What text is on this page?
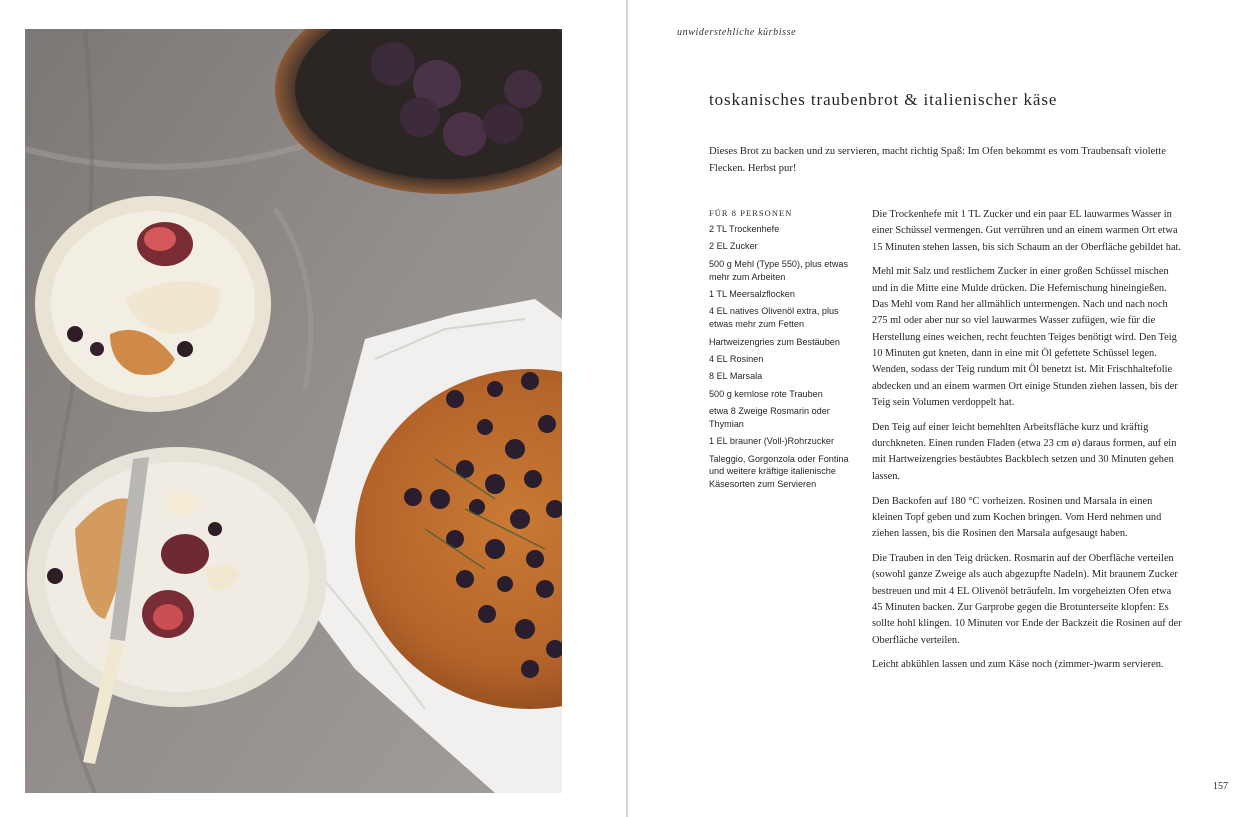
unwiderstehliche kürbisse
toskanisches traubenbrot & italienischer käse

Dieses Brot zu backen und zu servieren, macht richtig Spaß: Im Ofen bekommt es vom Traubensaft violette Flecken. Herbst pur!

FÜR 8 PERSONEN
2 TL Trockenhefe
2 EL Zucker
500 g Mehl (Type 550), plus etwas mehr zum Arbeiten
1 TL Meersalzflocken
4 EL natives Olivenöl extra, plus etwas mehr zum Fetten
Hartweizengries zum Bestäuben
4 EL Rosinen
8 EL Marsala
500 g kernlose rote Trauben
etwa 8 Zweige Rosmarin oder Thymian
1 EL brauner (Voll-)Rohrzucker
Taleggio, Gorgonzola oder Fontina und weitere kräftige italienische Käsesorten zum Servieren

Die Trockenhefe mit 1 TL Zucker und ein paar EL lauwarmes Wasser in einer Schüssel vermengen. Gut verrühren und an einem warmen Ort etwa 15 Minuten stehen lassen, bis sich Schaum an der Oberfläche gebildet hat.

Mehl mit Salz und restlichem Zucker in einer großen Schüssel mischen und in die Mitte eine Mulde drücken. Die Hefemischung hineingießen. Das Mehl vom Rand her allmählich untermengen. Nach und nach noch 275 ml oder aber nur so viel lauwarmes Wasser zufügen, wie für die Herstellung eines weichen, recht feuchten Teiges benötigt wird. Den Teig 10 Minuten gut kneten, dann in eine mit Öl gefettete Schüssel legen. Wenden, sodass der Teig rundum mit Öl benetzt ist. Mit Frischhaltefolie abdecken und an einem warmen Ort einige Stunden ziehen lassen, bis der Teig sein Volumen verdoppelt hat.

Den Teig auf einer leicht bemehlten Arbeitsfläche kurz und kräftig durchkneten. Einen runden Fladen (etwa 23 cm ø) daraus formen, auf ein mit Hartweizengries bestäubtes Backblech setzen und 30 Minuten gehen lassen.

Den Backofen auf 180 °C vorheizen. Rosinen und Marsala in einen kleinen Topf geben und zum Kochen bringen. Vom Herd nehmen und ziehen lassen, bis die Rosinen den Marsala aufgesaugt haben.

Die Trauben in den Teig drücken. Rosmarin auf der Oberfläche verteilen (sowohl ganze Zweige als auch abgezupfte Nadeln). Mit braunem Zucker bestreuen und mit 4 EL Olivenöl beträufeln. Im vorgeheizten Ofen etwa 45 Minuten backen. Zur Garprobe gegen die Brotunterseite klopfen: Es sollte hohl klingen. 10 Minuten vor Ende der Backzeit die Rosinen auf der Oberfläche verteilen.

Leicht abkühlen lassen und zum Käse noch (zimmer-)warm servieren.

157
